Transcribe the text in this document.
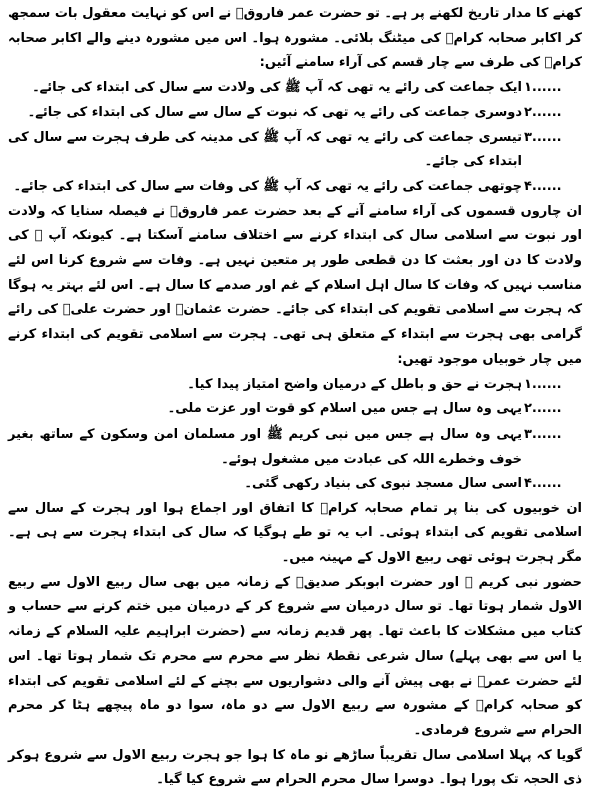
کھنے کا مدار تاریخ لکھنے پر ہے۔ تو حضرت عمر فاروقؓ نے اس کو نہایت معقول بات سمجھ کر اکابر صحابہ کرامؓ کی میٹنگ بلائی۔ مشورہ ہوا۔ اس میں مشورہ دینے والے اکابر صحابہ کرامؓ کی طرف سے چار قسم کی آراء سامنے آئیں:

۱......
ایک جماعت کی رائے یہ تھی کہ آپ ﷺ کی ولادت سے سال کی ابتداء کی جائے۔
۲......
دوسری جماعت کی رائے یہ تھی کہ نبوت کے سال سے سال کی ابتداء کی جائے۔
۳......
تیسری جماعت کی رائے یہ تھی کہ آپ ﷺ کی مدینہ کی طرف ہجرت سے سال کی ابتداء کی جائے۔
۴......
چوتھی جماعت کی رائے یہ تھی کہ آپ ﷺ کی وفات سے سال کی ابتداء کی جائے۔

ان چاروں قسموں کی آراء سامنے آنے کے بعد حضرت عمر فاروقؓ نے فیصلہ سنایا کہ ولادت اور نبوت سے اسلامی سال کی ابتداء کرنے سے اختلاف سامنے آسکتا ہے۔ کیونکہ آپ ﷺ کی ولادت کا دن اور بعثت کا دن قطعی طور پر متعین نہیں ہے۔ وفات سے شروع کرنا اس لئے مناسب نہیں کہ وفات کا سال اہل اسلام کے غم اور صدمے کا سال ہے۔ اس لئے بہتر یہ ہوگا کہ ہجرت سے اسلامی تقویم کی ابتداء کی جائے۔ حضرت عثمانؓ اور حضرت علیؓ کی رائے گرامی بھی ہجرت سے ابتداء کے متعلق ہی تھی۔ ہجرت سے اسلامی تقویم کی ابتداء کرنے میں چار خوبیاں موجود تھیں:

۱......
ہجرت نے حق و باطل کے درمیان واضح امتیاز پیدا کیا۔
۲......
یہی وہ سال ہے جس میں اسلام کو قوت اور عزت ملی۔
۳......
یہی وہ سال ہے جس میں نبی کریم ﷺ اور مسلمان امن وسکون کے ساتھ بغیر خوف وخطرے اللہ کی عبادت میں مشغول ہوئے۔
۴......
اسی سال مسجد نبوی کی بنیاد رکھی گئی۔

ان خوبیوں کی بنا پر تمام صحابہ کرامؓ کا اتفاق اور اجماع ہوا اور ہجرت کے سال سے اسلامی تقویم کی ابتداء ہوئی۔ اب یہ تو طے ہوگیا کہ سال کی ابتداء ہجرت سے ہی ہے۔ مگر ہجرت ہوئی تھی ربیع الاول کے مہینہ میں۔

حضور نبی کریم ﷺ اور حضرت ابوبکر صدیقؓ کے زمانہ میں بھی سال ربیع الاول سے ربیع الاول شمار ہوتا تھا۔ تو سال درمیان سے شروع کر کے درمیان میں ختم کرنے سے حساب و کتاب میں مشکلات کا باعث تھا۔ پھر قدیم زمانہ سے (حضرت ابراہیم علیہ السلام کے زمانہ یا اس سے بھی پہلے) سال شرعی نقطۂ نظر سے محرم سے محرم تک شمار ہوتا تھا۔ اس لئے حضرت عمرؓ نے بھی پیش آنے والی دشواریوں سے بچنے کے لئے اسلامی تقویم کی ابتداء کو صحابہ کرامؓ کے مشورہ سے ربیع الاول سے دو ماہ، سوا دو ماہ پیچھے ہٹا کر محرم الحرام سے شروع فرمادی۔

گویا کہ پہلا اسلامی سال تقریباً ساڑھے نو ماہ کا ہوا جو ہجرت ربیع الاول سے شروع ہوکر ذی الحجہ تک پورا ہوا۔ دوسرا سال محرم الحرام سے شروع کیا گیا۔
